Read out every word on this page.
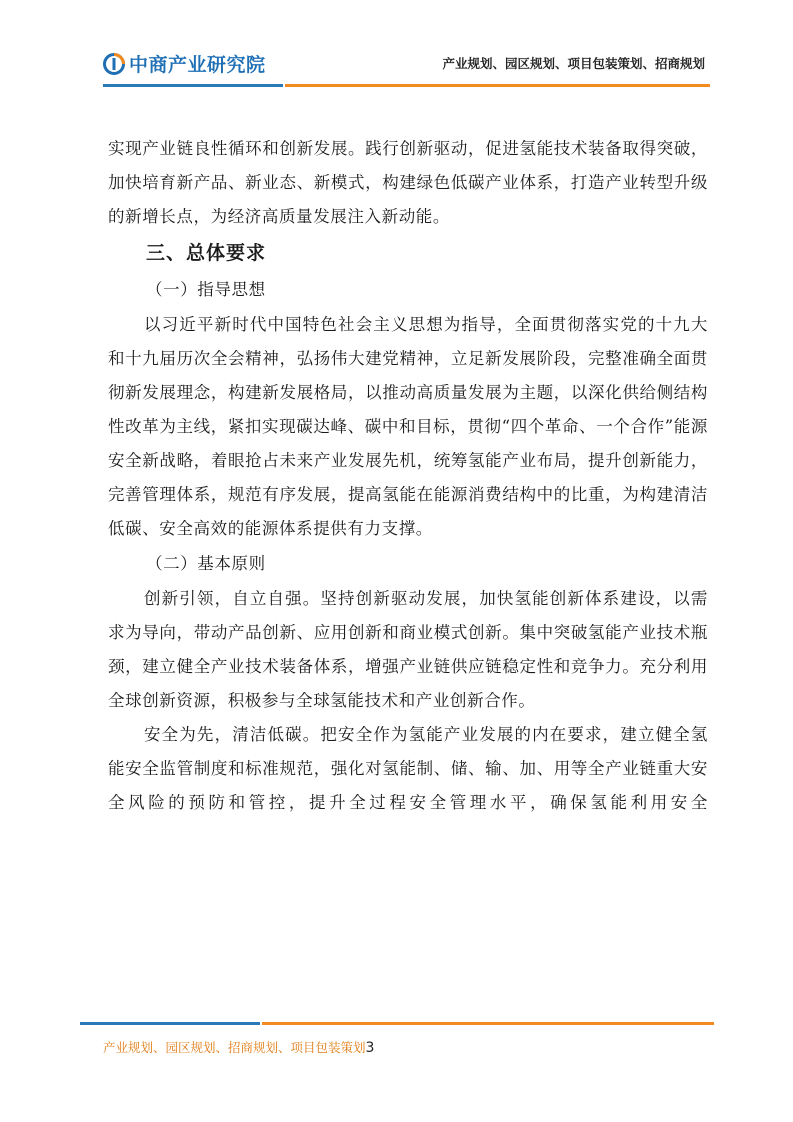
中商产业研究院	产业规划、园区规划、项目包装策划、招商规划

实现产业链良性循环和创新发展。践行创新驱动，促进氢能技术装备取得突破，加快培育新产品、新业态、新模式，构建绿色低碳产业体系，打造产业转型升级的新增长点，为经济高质量发展注入新动能。

三、总体要求

（一）指导思想

以习近平新时代中国特色社会主义思想为指导，全面贯彻落实党的十九大和十九届历次全会精神，弘扬伟大建党精神，立足新发展阶段，完整准确全面贯彻新发展理念，构建新发展格局，以推动高质量发展为主题，以深化供给侧结构性改革为主线，紧扣实现碳达峰、碳中和目标，贯彻“四个革命、一个合作”能源安全新战略，着眼抢占未来产业发展先机，统筹氢能产业布局，提升创新能力，完善管理体系，规范有序发展，提高氢能在能源消费结构中的比重，为构建清洁低碳、安全高效的能源体系提供有力支撑。

（二）基本原则

创新引领，自立自强。坚持创新驱动发展，加快氢能创新体系建设，以需求为导向，带动产品创新、应用创新和商业模式创新。集中突破氢能产业技术瓶颈，建立健全产业技术装备体系，增强产业链供应链稳定性和竞争力。充分利用全球创新资源，积极参与全球氢能技术和产业创新合作。

安全为先，清洁低碳。把安全作为氢能产业发展的内在要求，建立健全氢能安全监管制度和标准规范，强化对氢能制、储、输、加、用等全产业链重大安全风险的预防和管控，提升全过程安全管理水平，确保氢能利用安全

产业规划、园区规划、招商规划、项目包装策划3
